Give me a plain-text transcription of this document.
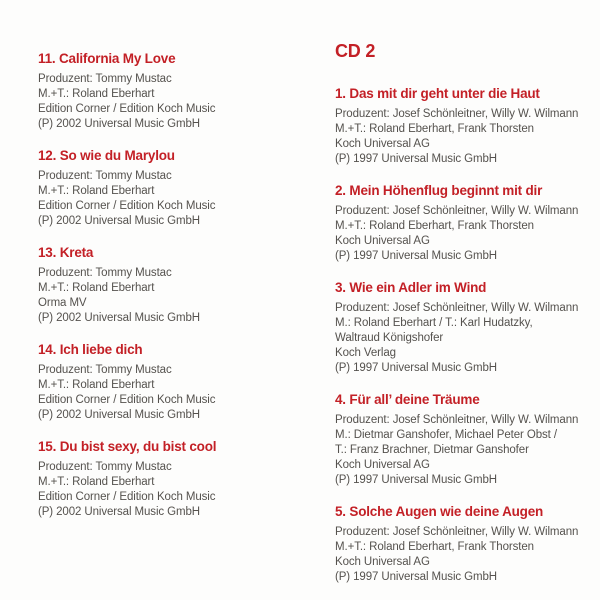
11. California My Love
Produzent: Tommy Mustac
M.+T.: Roland Eberhart
Edition Corner / Edition Koch Music
(P) 2002 Universal Music GmbH
12. So wie du Marylou
Produzent: Tommy Mustac
M.+T.: Roland Eberhart
Edition Corner / Edition Koch Music
(P) 2002 Universal Music GmbH
13. Kreta
Produzent: Tommy Mustac
M.+T.: Roland Eberhart
Orma MV
(P) 2002 Universal Music GmbH
14. Ich liebe dich
Produzent: Tommy Mustac
M.+T.: Roland Eberhart
Edition Corner / Edition Koch Music
(P) 2002 Universal Music GmbH
15. Du bist sexy, du bist cool
Produzent: Tommy Mustac
M.+T.: Roland Eberhart
Edition Corner / Edition Koch Music
(P) 2002 Universal Music GmbH
CD 2
1. Das mit dir geht unter die Haut
Produzent: Josef Schönleitner, Willy W. Wilmann
M.+T.: Roland Eberhart, Frank Thorsten
Koch Universal AG
(P) 1997 Universal Music GmbH
2. Mein Höhenflug beginnt mit dir
Produzent: Josef Schönleitner, Willy W. Wilmann
M.+T.: Roland Eberhart, Frank Thorsten
Koch Universal AG
(P) 1997 Universal Music GmbH
3. Wie ein Adler im Wind
Produzent: Josef Schönleitner, Willy W. Wilmann
M.: Roland Eberhart / T.: Karl Hudatzky,
Waltraud Königshofer
Koch Verlag
(P) 1997 Universal Music GmbH
4. Für all’ deine Träume
Produzent: Josef Schönleitner, Willy W. Wilmann
M.: Dietmar Ganshofer, Michael Peter Obst /
T.: Franz Brachner, Dietmar Ganshofer
Koch Universal AG
(P) 1997 Universal Music GmbH
5. Solche Augen wie deine Augen
Produzent: Josef Schönleitner, Willy W. Wilmann
M.+T.: Roland Eberhart, Frank Thorsten
Koch Universal AG
(P) 1997 Universal Music GmbH
